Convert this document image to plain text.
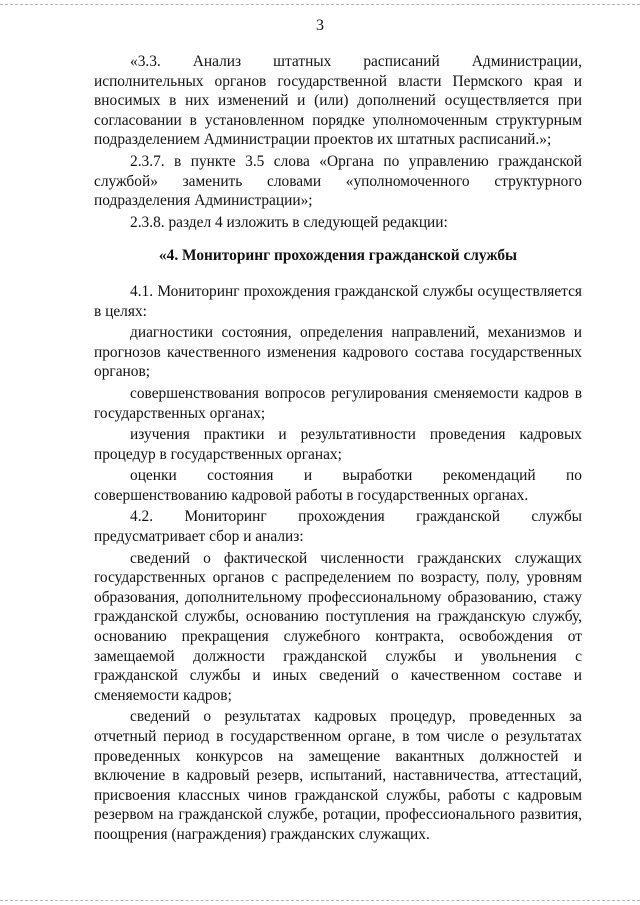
3

«3.3. Анализ штатных расписаний Администрации, исполнительных органов государственной власти Пермского края и вносимых в них изменений и (или) дополнений осуществляется при согласовании в установленном порядке уполномоченным структурным подразделением Администрации проектов их штатных расписаний.»;

2.3.7. в пункте 3.5 слова «Органа по управлению гражданской службой» заменить словами «уполномоченного структурного подразделения Администрации»;

2.3.8. раздел 4 изложить в следующей редакции:

«4. Мониторинг прохождения гражданской службы

4.1. Мониторинг прохождения гражданской службы осуществляется в целях:

диагностики состояния, определения направлений, механизмов и прогнозов качественного изменения кадрового состава государственных органов;

совершенствования вопросов регулирования сменяемости кадров в государственных органах;

изучения практики и результативности проведения кадровых процедур в государственных органах;

оценки состояния и выработки рекомендаций по совершенствованию кадровой работы в государственных органах.

4.2. Мониторинг прохождения гражданской службы предусматривает сбор и анализ:

сведений о фактической численности гражданских служащих государственных органов с распределением по возрасту, полу, уровням образования, дополнительному профессиональному образованию, стажу гражданской службы, основанию поступления на гражданскую службу, основанию прекращения служебного контракта, освобождения от замещаемой должности гражданской службы и увольнения с гражданской службы и иных сведений о качественном составе и сменяемости кадров;

сведений о результатах кадровых процедур, проведенных за отчетный период в государственном органе, в том числе о результатах проведенных конкурсов на замещение вакантных должностей и включение в кадровый резерв, испытаний, наставничества, аттестаций, присвоения классных чинов гражданской службы, работы с кадровым резервом на гражданской службе, ротации, профессионального развития, поощрения (награждения) гражданских служащих.
